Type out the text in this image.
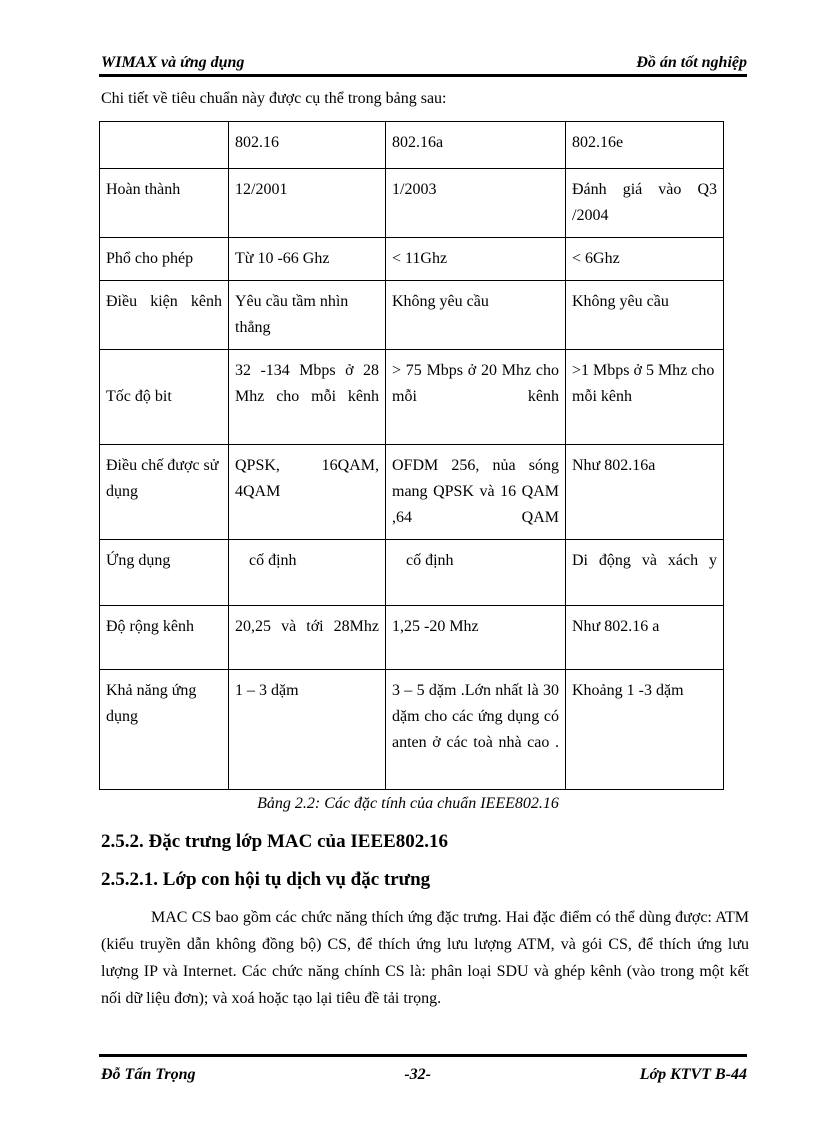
WIMAX và ứng dụng	Đồ án tốt nghiệp
Chi tiết về tiêu chuẩn này được cụ thể trong bảng sau:
	802.16	802.16a	802.16e
Hoàn thành	12/2001	1/2003	Đánh giá vào Q3 /2004
Phổ cho phép	Từ 10 -66 Ghz	< 11Ghz	< 6Ghz
Điều kiện kênh	Yêu cầu tầm nhìn thẳng	Không yêu cầu	Không yêu cầu
Tốc độ bit	32 -134 Mbps ở 28 Mhz cho mỗi kênh	> 75 Mbps ở 20 Mhz cho mỗi kênh	>1 Mbps ở 5 Mhz cho mỗi kênh
Điều chế được sử dụng	QPSK, 16QAM, 4QAM	OFDM 256, nủa sóng mang QPSK và 16 QAM ,64 QAM	Như 802.16a
Ứng dụng	cố định	cố định	Di động và xách y
Độ rộng kênh	20,25 và tới 28Mhz	1,25 -20 Mhz	Như 802.16 a
Khả năng ứng dụng	1 – 3 dặm	3 – 5 dặm .Lớn nhất là 30 dặm cho các ứng dụng có anten ở các toà nhà cao .	Khoảng 1 -3 dặm
Bảng 2.2: Các đặc tính của chuẩn IEEE802.16
2.5.2. Đặc trưng lớp MAC của IEEE802.16
2.5.2.1. Lớp con hội tụ dịch vụ đặc trưng

MAC CS bao gồm các chức năng thích ứng đặc trưng. Hai đặc điểm có thể dùng được: ATM (kiểu truyền dẫn không đồng bộ) CS, để thích ứng lưu lượng ATM, và gói CS, để thích ứng lưu lượng IP và Internet. Các chức năng chính CS là: phân loại SDU và ghép kênh (vào trong một kết nối dữ liệu đơn); và xoá hoặc tạo lại tiêu đề tải trọng.

Đỗ Tấn Trọng	-32-	Lớp KTVT B-44
